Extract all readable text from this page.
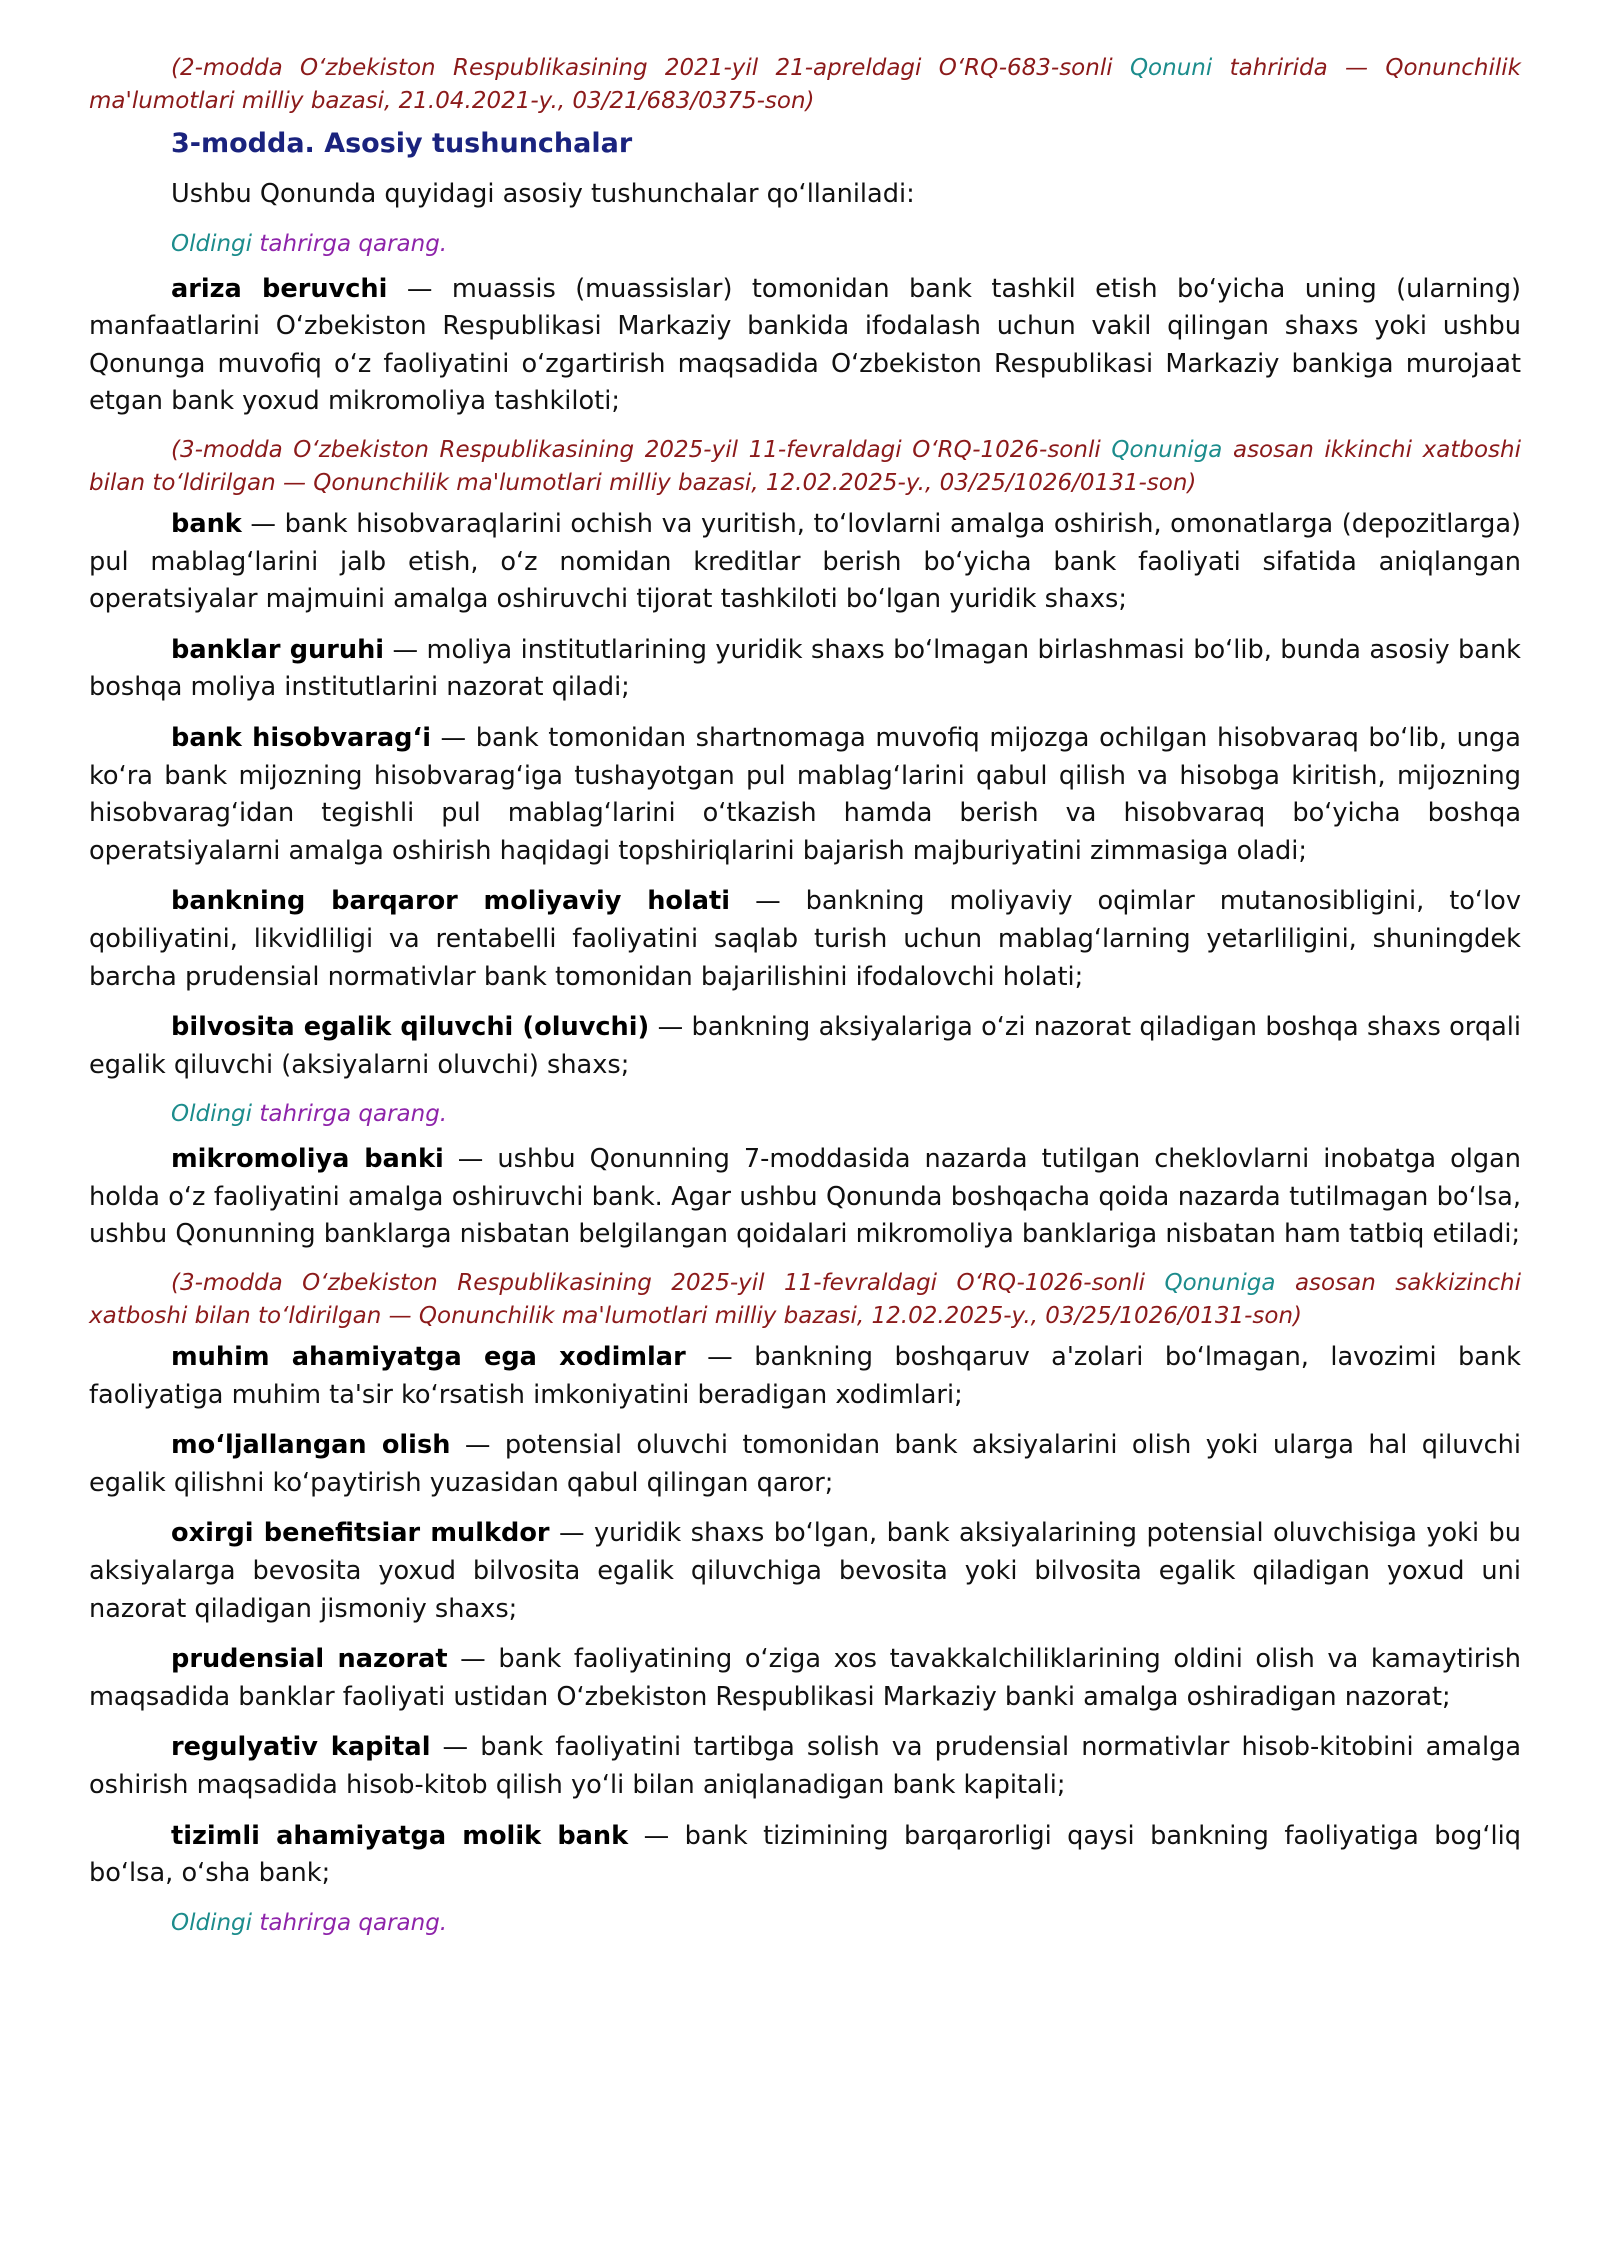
(2-modda O‘zbekiston Respublikasining 2021-yil 21-apreldagi O‘RQ-683-sonli Qonuni tahririda — Qonunchilik ma'lumotlari milliy bazasi, 21.04.2021-y., 03/21/683/0375-son)

3-modda. Asosiy tushunchalar

Ushbu Qonunda quyidagi asosiy tushunchalar qo‘llaniladi:

Oldingi tahrirga qarang.

ariza beruvchi — muassis (muassislar) tomonidan bank tashkil etish bo‘yicha uning (ularning) manfaatlarini O‘zbekiston Respublikasi Markaziy bankida ifodalash uchun vakil qilingan shaxs yoki ushbu Qonunga muvofiq o‘z faoliyatini o‘zgartirish maqsadida O‘zbekiston Respublikasi Markaziy bankiga murojaat etgan bank yoxud mikromoliya tashkiloti;

(3-modda O‘zbekiston Respublikasining 2025-yil 11-fevraldagi O‘RQ-1026-sonli Qonuniga asosan ikkinchi xatboshi bilan to‘ldirilgan — Qonunchilik ma'lumotlari milliy bazasi, 12.02.2025-y., 03/25/1026/0131-son)

bank — bank hisobvaraqlarini ochish va yuritish, to‘lovlarni amalga oshirish, omonatlarga (depozitlarga) pul mablag‘larini jalb etish, o‘z nomidan kreditlar berish bo‘yicha bank faoliyati sifatida aniqlangan operatsiyalar majmuini amalga oshiruvchi tijorat tashkiloti bo‘lgan yuridik shaxs;

banklar guruhi — moliya institutlarining yuridik shaxs bo‘lmagan birlashmasi bo‘lib, bunda asosiy bank boshqa moliya institutlarini nazorat qiladi;

bank hisobvarag‘i — bank tomonidan shartnomaga muvofiq mijozga ochilgan hisobvaraq bo‘lib, unga ko‘ra bank mijozning hisobvarag‘iga tushayotgan pul mablag‘larini qabul qilish va hisobga kiritish, mijozning hisobvarag‘idan tegishli pul mablag‘larini o‘tkazish hamda berish va hisobvaraq bo‘yicha boshqa operatsiyalarni amalga oshirish haqidagi topshiriqlarini bajarish majburiyatini zimmasiga oladi;

bankning barqaror moliyaviy holati — bankning moliyaviy oqimlar mutanosibligini, to‘lov qobiliyatini, likvidliligi va rentabelli faoliyatini saqlab turish uchun mablag‘larning yetarliligini, shuningdek barcha prudensial normativlar bank tomonidan bajarilishini ifodalovchi holati;

bilvosita egalik qiluvchi (oluvchi) — bankning aksiyalariga o‘zi nazorat qiladigan boshqa shaxs orqali egalik qiluvchi (aksiyalarni oluvchi) shaxs;

Oldingi tahrirga qarang.

mikromoliya banki — ushbu Qonunning 7-moddasida nazarda tutilgan cheklovlarni inobatga olgan holda o‘z faoliyatini amalga oshiruvchi bank. Agar ushbu Qonunda boshqacha qoida nazarda tutilmagan bo‘lsa, ushbu Qonunning banklarga nisbatan belgilangan qoidalari mikromoliya banklariga nisbatan ham tatbiq etiladi;

(3-modda O‘zbekiston Respublikasining 2025-yil 11-fevraldagi O‘RQ-1026-sonli Qonuniga asosan sakkizinchi xatboshi bilan to‘ldirilgan — Qonunchilik ma'lumotlari milliy bazasi, 12.02.2025-y., 03/25/1026/0131-son)

muhim ahamiyatga ega xodimlar — bankning boshqaruv a'zolari bo‘lmagan, lavozimi bank faoliyatiga muhim ta'sir ko‘rsatish imkoniyatini beradigan xodimlari;

mo‘ljallangan olish — potensial oluvchi tomonidan bank aksiyalarini olish yoki ularga hal qiluvchi egalik qilishni ko‘paytirish yuzasidan qabul qilingan qaror;

oxirgi benefitsiar mulkdor — yuridik shaxs bo‘lgan, bank aksiyalarining potensial oluvchisiga yoki bu aksiyalarga bevosita yoxud bilvosita egalik qiluvchiga bevosita yoki bilvosita egalik qiladigan yoxud uni nazorat qiladigan jismoniy shaxs;

prudensial nazorat — bank faoliyatining o‘ziga xos tavakkalchiliklarining oldini olish va kamaytirish maqsadida banklar faoliyati ustidan O‘zbekiston Respublikasi Markaziy banki amalga oshiradigan nazorat;

regulyativ kapital — bank faoliyatini tartibga solish va prudensial normativlar hisob-kitobini amalga oshirish maqsadida hisob-kitob qilish yo‘li bilan aniqlanadigan bank kapitali;

tizimli ahamiyatga molik bank — bank tizimining barqarorligi qaysi bankning faoliyatiga bog‘liq bo‘lsa, o‘sha bank;

Oldingi tahrirga qarang.
